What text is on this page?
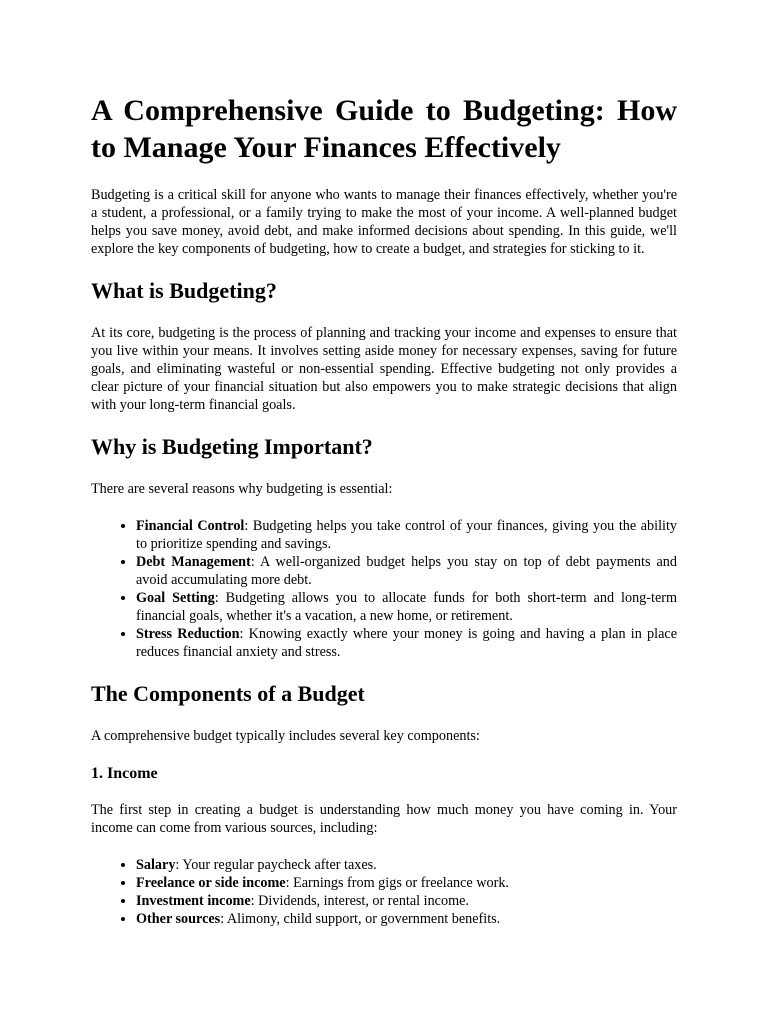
A Comprehensive Guide to Budgeting: How to Manage Your Finances Effectively

Budgeting is a critical skill for anyone who wants to manage their finances effectively, whether you're a student, a professional, or a family trying to make the most of your income. A well-planned budget helps you save money, avoid debt, and make informed decisions about spending. In this guide, we'll explore the key components of budgeting, how to create a budget, and strategies for sticking to it.

What is Budgeting?

At its core, budgeting is the process of planning and tracking your income and expenses to ensure that you live within your means. It involves setting aside money for necessary expenses, saving for future goals, and eliminating wasteful or non-essential spending. Effective budgeting not only provides a clear picture of your financial situation but also empowers you to make strategic decisions that align with your long-term financial goals.

Why is Budgeting Important?

There are several reasons why budgeting is essential:

• Financial Control: Budgeting helps you take control of your finances, giving you the ability to prioritize spending and savings.
• Debt Management: A well-organized budget helps you stay on top of debt payments and avoid accumulating more debt.
• Goal Setting: Budgeting allows you to allocate funds for both short-term and long-term financial goals, whether it's a vacation, a new home, or retirement.
• Stress Reduction: Knowing exactly where your money is going and having a plan in place reduces financial anxiety and stress.
The Components of a Budget

A comprehensive budget typically includes several key components:

1. Income

The first step in creating a budget is understanding how much money you have coming in. Your income can come from various sources, including:

• Salary: Your regular paycheck after taxes.
• Freelance or side income: Earnings from gigs or freelance work.
• Investment income: Dividends, interest, or rental income.
• Other sources: Alimony, child support, or government benefits.
